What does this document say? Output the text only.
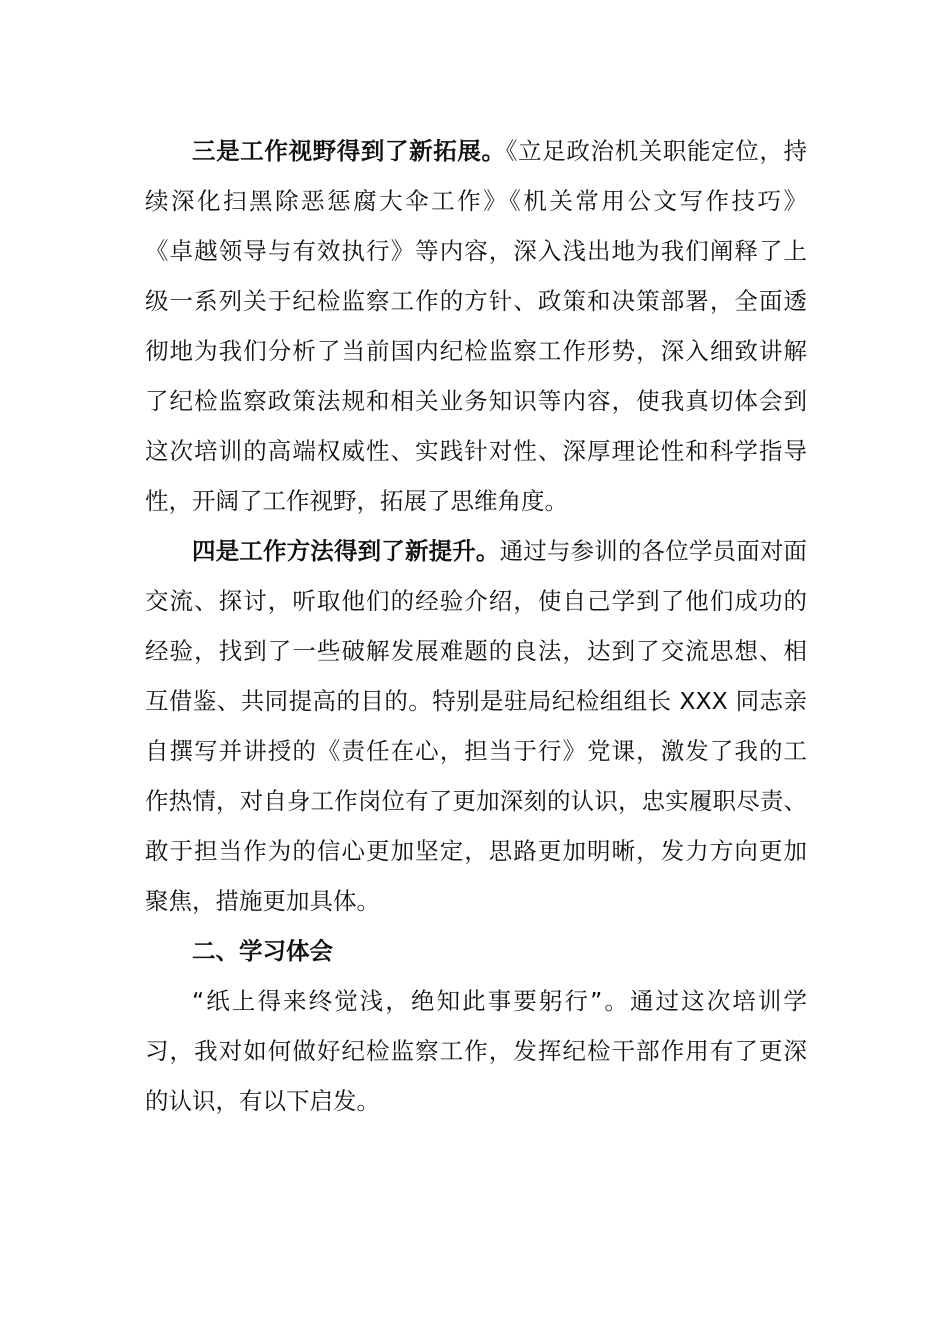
三是工作视野得到了新拓展。《立足政治机关职能定位，持
续深化扫黑除恶惩腐大伞工作》《机关常用公文写作技巧》
《卓越领导与有效执行》等内容，深入浅出地为我们阐释了上
级一系列关于纪检监察工作的方针、政策和决策部署，全面透
彻地为我们分析了当前国内纪检监察工作形势，深入细致讲解
了纪检监察政策法规和相关业务知识等内容，使我真切体会到
这次培训的高端权威性、实践针对性、深厚理论性和科学指导
性，开阔了工作视野，拓展了思维角度。
四是工作方法得到了新提升。通过与参训的各位学员面对面
交流、探讨，听取他们的经验介绍，使自己学到了他们成功的
经验，找到了一些破解发展难题的良法，达到了交流思想、相
互借鉴、共同提高的目的。特别是驻局纪检组组长 XXX 同志亲
自撰写并讲授的《责任在心，担当于行》党课，激发了我的工
作热情，对自身工作岗位有了更加深刻的认识，忠实履职尽责、
敢于担当作为的信心更加坚定，思路更加明晰，发力方向更加
聚焦，措施更加具体。
二、学习体会
“纸上得来终觉浅，绝知此事要躬行”。通过这次培训学
习，我对如何做好纪检监察工作，发挥纪检干部作用有了更深
的认识，有以下启发。
